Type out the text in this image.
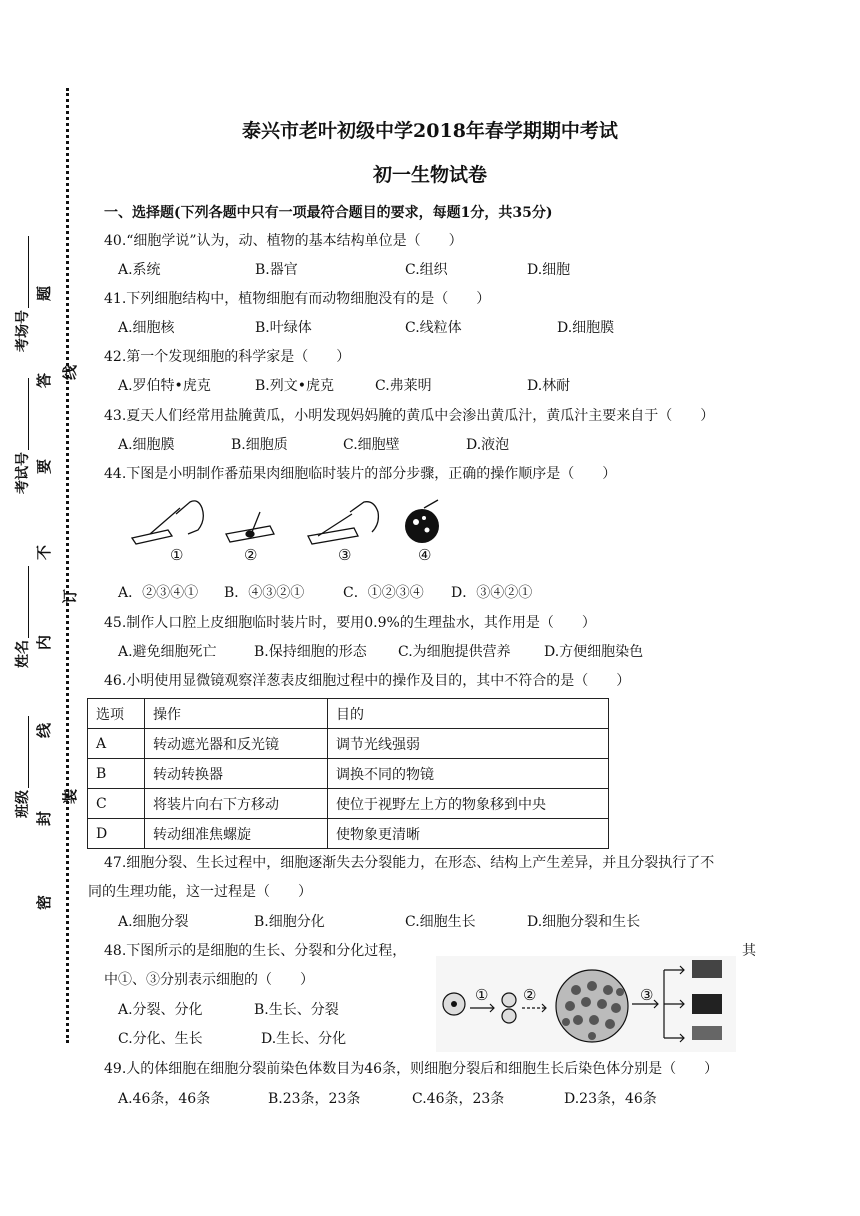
考场号
考试号
姓名
班级
题
答
线
要
不
订
内
线
装
封
密
泰兴市老叶初级中学2018年春学期期中考试
初一生物试卷
一、选择题(下列各题中只有一项最符合题目的要求，每题1分，共35分)
40.“细胞学说”认为，动、植物的基本结构单位是（　　）
A.系统	B.器官	C.组织	D.细胞
41.下列细胞结构中，植物细胞有而动物细胞没有的是（　　）
A.细胞核	B.叶绿体	C.线粒体	D.细胞膜
42.第一个发现细胞的科学家是（　　）
A.罗伯特•虎克	B.列文•虎克	C.弗莱明	D.林耐
43.夏天人们经常用盐腌黄瓜，小明发现妈妈腌的黄瓜中会渗出黄瓜汁，黄瓜汁主要来自于（　　）
A.细胞膜	B.细胞质	C.细胞壁	D.液泡
44.下图是小明制作番茄果肉细胞临时装片的部分步骤，正确的操作顺序是（　　）
①	②	③	④
A．②③④① B．④③②①	C．①②③④ D．③④②①
45.制作人口腔上皮细胞临时装片时，要用0.9%的生理盐水，其作用是（　　）
A.避免细胞死亡	B.保持细胞的形态 C.为细胞提供营养 D.方便细胞染色
46.小明使用显微镜观察洋葱表皮细胞过程中的操作及目的，其中不符合的是（　　）
选项	操作	目的
A	转动遮光器和反光镜	调节光线强弱
B	转动转换器	调换不同的物镜
C	将装片向右下方移动	使位于视野左上方的物象移到中央
D	转动细准焦螺旋	使物象更清晰
47.细胞分裂、生长过程中，细胞逐渐失去分裂能力，在形态、结构上产生差异，并且分裂执行了不
同的生理功能，这一过程是（　　）
A.细胞分裂	B.细胞分化	C.细胞生长	D.细胞分裂和生长
48.下图所示的是细胞的生长、分裂和分化过程，	其
中①、③分别表示细胞的（　　）
A.分裂、分化	B.生长、分裂
C.分化、生长	D.生长、分化
① ②	③
49.人的体细胞在细胞分裂前染色体数目为46条，则细胞分裂后和细胞生长后染色体分别是（　　）
A.46条，46条	B.23条，23条	C.46条，23条	D.23条，46条
